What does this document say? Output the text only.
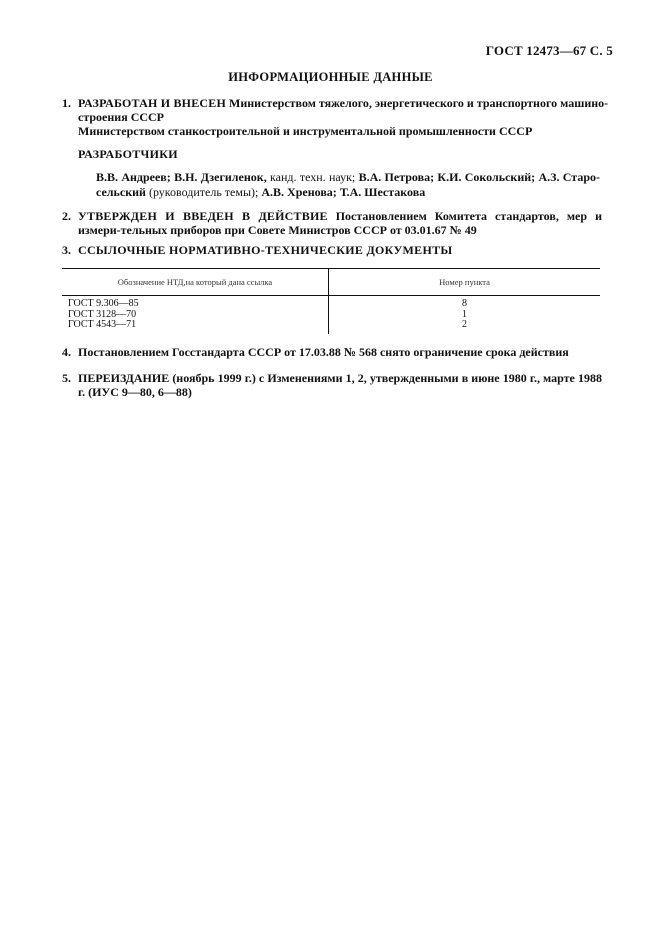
ГОСТ 12473—67 С. 5
ИНФОРМАЦИОННЫЕ ДАННЫЕ
1. РАЗРАБОТАН И ВНЕСЕН Министерством тяжелого, энергетического и транспортного машино-
строения СССР
Министерством станкостроительной и инструментальной промышленности СССР
РАЗРАБОТЧИКИ
В.В. Андреев; В.Н. Дзегиленок, канд. техн. наук; В.А. Петрова; К.И. Сокольский; А.З. Старо-сельский (руководитель темы); А.В. Хренова; Т.А. Шестакова
2. УТВЕРЖДЕН И ВВЕДЕН В ДЕЙСТВИЕ Постановлением Комитета стандартов, мер и измери-тельных приборов при Совете Министров СССР от 03.01.67 № 49
3. ССЫЛОЧНЫЕ НОРМАТИВНО-ТЕХНИЧЕСКИЕ ДОКУМЕНТЫ
Обозначение НТД,на который дана ссылка	Номер пункта
ГОСТ 9.306—85	8
ГОСТ 3128—70	1
ГОСТ 4543—71	2
4. Постановлением Госстандарта СССР от 17.03.88 № 568 снято ограничение срока действия
5. ПЕРЕИЗДАНИЕ (ноябрь 1999 г.) с Изменениями 1, 2, утвержденными в июне 1980 г., марте 1988 г. (ИУС 9—80, 6—88)
